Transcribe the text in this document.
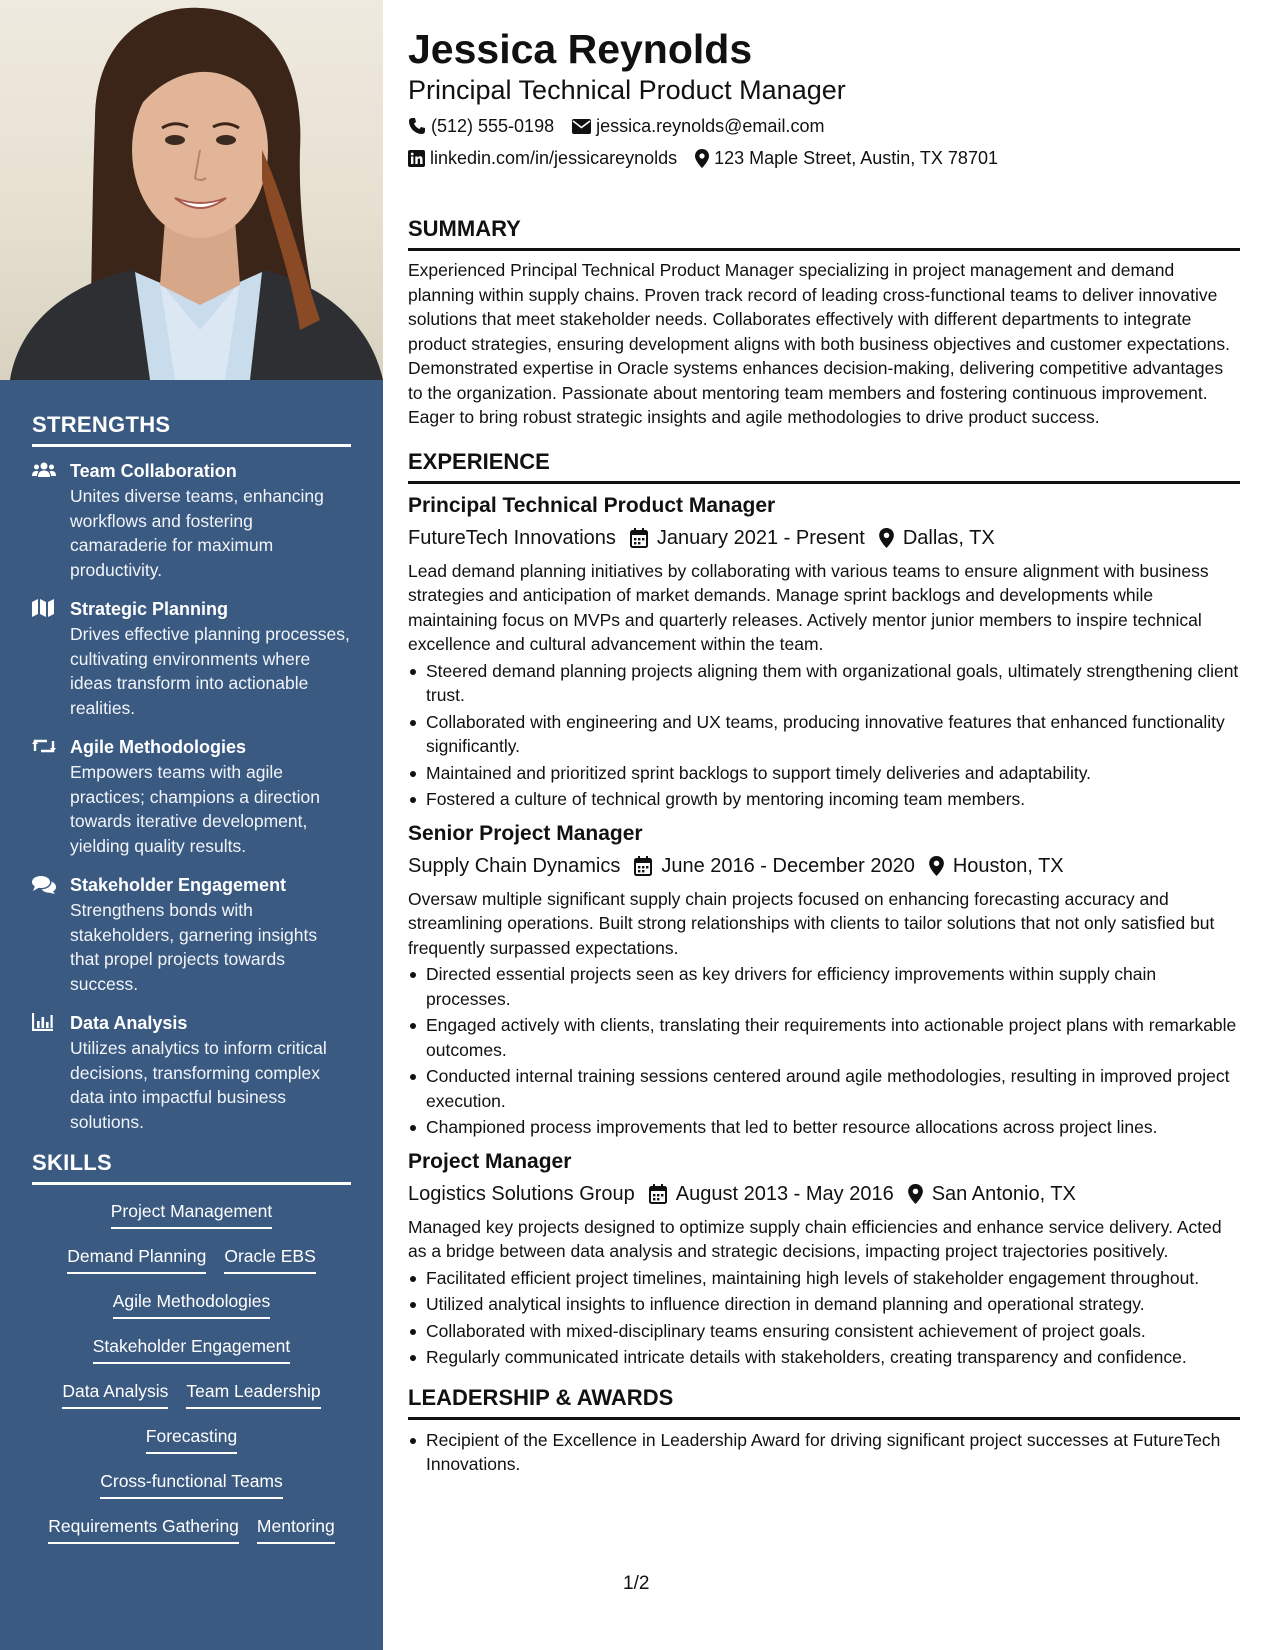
STRENGTHS
Team Collaboration
Unites diverse teams, enhancing workflows and fostering camaraderie for maximum productivity.
Strategic Planning
Drives effective planning processes, cultivating environments where ideas transform into actionable realities.
Agile Methodologies
Empowers teams with agile practices; champions a direction towards iterative development, yielding quality results.
Stakeholder Engagement
Strengthens bonds with stakeholders, garnering insights that propel projects towards success.
Data Analysis
Utilizes analytics to inform critical decisions, transforming complex data into impactful business solutions.
SKILLS
Project Management
Demand Planning Oracle EBS
Agile Methodologies
Stakeholder Engagement
Data Analysis Team Leadership
Forecasting
Cross-functional Teams
Requirements Gathering Mentoring
Jessica Reynolds
Principal Technical Product Manager
(512) 555-0198 jessica.reynolds@email.com
linkedin.com/in/jessicareynolds 123 Maple Street, Austin, TX 78701
SUMMARY

Experienced Principal Technical Product Manager specializing in project management and demand planning within supply chains. Proven track record of leading cross-functional teams to deliver innovative solutions that meet stakeholder needs. Collaborates effectively with different departments to integrate product strategies, ensuring development aligns with both business objectives and customer expectations. Demonstrated expertise in Oracle systems enhances decision-making, delivering competitive advantages to the organization. Passionate about mentoring team members and fostering continuous improvement. Eager to bring robust strategic insights and agile methodologies to drive product success.

EXPERIENCE
Principal Technical Product Manager
FutureTech Innovations January 2021 - Present Dallas, TX

Lead demand planning initiatives by collaborating with various teams to ensure alignment with business strategies and anticipation of market demands. Manage sprint backlogs and developments while maintaining focus on MVPs and quarterly releases. Actively mentor junior members to inspire technical excellence and cultural advancement within the team.

Steered demand planning projects aligning them with organizational goals, ultimately strengthening client trust.
Collaborated with engineering and UX teams, producing innovative features that enhanced functionality significantly.
Maintained and prioritized sprint backlogs to support timely deliveries and adaptability.
Fostered a culture of technical growth by mentoring incoming team members.
Senior Project Manager
Supply Chain Dynamics June 2016 - December 2020 Houston, TX

Oversaw multiple significant supply chain projects focused on enhancing forecasting accuracy and streamlining operations. Built strong relationships with clients to tailor solutions that not only satisfied but frequently surpassed expectations.

Directed essential projects seen as key drivers for efficiency improvements within supply chain processes.
Engaged actively with clients, translating their requirements into actionable project plans with remarkable outcomes.
Conducted internal training sessions centered around agile methodologies, resulting in improved project execution.
Championed process improvements that led to better resource allocations across project lines.
Project Manager
Logistics Solutions Group August 2013 - May 2016 San Antonio, TX

Managed key projects designed to optimize supply chain efficiencies and enhance service delivery. Acted as a bridge between data analysis and strategic decisions, impacting project trajectories positively.

Facilitated efficient project timelines, maintaining high levels of stakeholder engagement throughout.
Utilized analytical insights to influence direction in demand planning and operational strategy.
Collaborated with mixed-disciplinary teams ensuring consistent achievement of project goals.
Regularly communicated intricate details with stakeholders, creating transparency and confidence.
LEADERSHIP & AWARDS
Recipient of the Excellence in Leadership Award for driving significant project successes at FutureTech Innovations.
1/2
